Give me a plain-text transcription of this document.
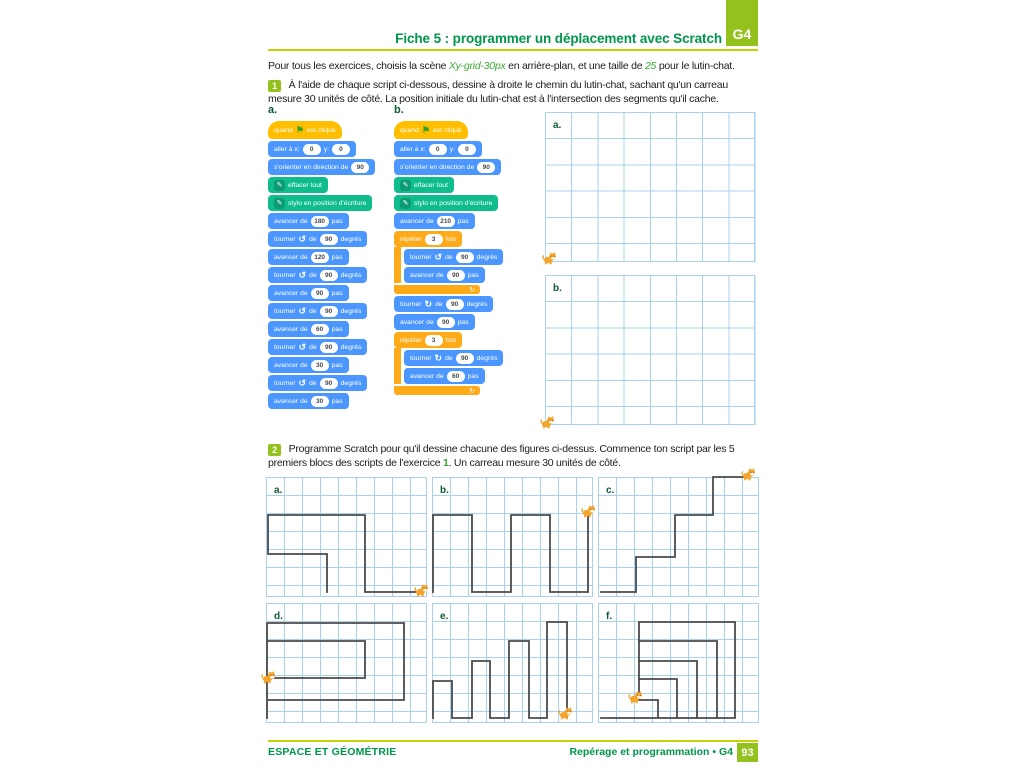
G4
Fiche 5 : programmer un déplacement avec Scratch
Pour tous les exercices, choisis la scène Xy-grid-30px en arrière-plan, et une taille de 25 pour le lutin-chat.
1 À l'aide de chaque script ci-dessous, dessine à droite le chemin du lutin-chat, sachant qu'un carreau
mesure 30 unités de côté. La position initiale du lutin-chat est à l'intersection des segments qu'il cache.
2 Programme Scratch pour qu'il dessine chacune des figures ci-dessus. Commence ton script par les 5
premiers blocs des scripts de l'exercice 1. Un carreau mesure 30 unités de côté.
a.	b.
quand ⚑ est cliqué
aller à x:	0	y:	0
s'orienter en direction de	90
✎ effacer tout
✎ stylo en position d'écriture
avancer de	180 pas
tourner ↺ de	90	degrés
avancer de	120 pas
tourner ↺ de	90	degrés
avancer de	90	pas
tourner ↺ de	90	degrés
avancer de	60	pas
tourner ↺ de	90	degrés
avancer de	30	pas
tourner ↺ de	90	degrés
avancer de	30	pas
quand ⚑ est cliqué
aller à x:	0	y:	0
s'orienter en direction de	90
✎ effacer tout
✎ stylo en position d'écriture
avancer de	210 pas
répéter	3	fois
tourner ↺ de	90	degrés
avancer de	90	pas
↻
tourner ↻ de	90	degrés
avancer de	90	pas
répéter	3	fois
tourner ↻ de	90	degrés
avancer de	60	pas
↻
a.
b.
a.	b.	c.
d.	e.	f.
ESPACE ET GÉOMÉTRIE	Repérage et programmation • G4 93
